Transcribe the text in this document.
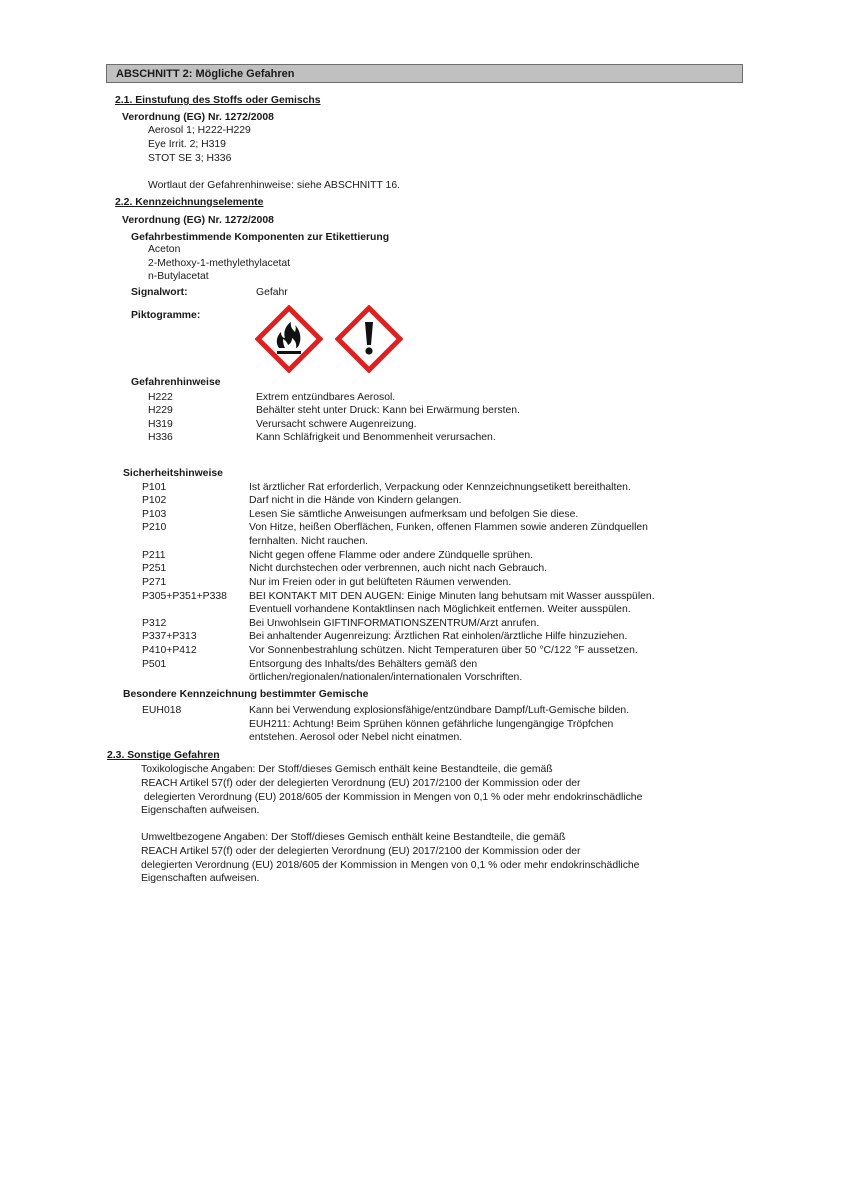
ABSCHNITT 2: Mögliche Gefahren
2.1. Einstufung des Stoffs oder Gemischs
Verordnung (EG) Nr. 1272/2008
Aerosol 1; H222-H229
Eye Irrit. 2; H319
STOT SE 3; H336
Wortlaut der Gefahrenhinweise: siehe ABSCHNITT 16.
2.2. Kennzeichnungselemente
Verordnung (EG) Nr. 1272/2008
Gefahrbestimmende Komponenten zur Etikettierung
Aceton
2-Methoxy-1-methylethylacetat
n-Butylacetat
Signalwort:	Gefahr
Piktogramme:
Gefahrenhinweise
H222	Extrem entzündbares Aerosol.
H229	Behälter steht unter Druck: Kann bei Erwärmung bersten.
H319	Verursacht schwere Augenreizung.
H336	Kann Schläfrigkeit und Benommenheit verursachen.
Sicherheitshinweise
P101	Ist ärztlicher Rat erforderlich, Verpackung oder Kennzeichnungsetikett bereithalten.
P102	Darf nicht in die Hände von Kindern gelangen.
P103	Lesen Sie sämtliche Anweisungen aufmerksam und befolgen Sie diese.
P210	Von Hitze, heißen Oberflächen, Funken, offenen Flammen sowie anderen Zündquellen
fernhalten. Nicht rauchen.
P211	Nicht gegen offene Flamme oder andere Zündquelle sprühen.
P251	Nicht durchstechen oder verbrennen, auch nicht nach Gebrauch.
P271	Nur im Freien oder in gut belüfteten Räumen verwenden.
P305+P351+P338 BEI KONTAKT MIT DEN AUGEN: Einige Minuten lang behutsam mit Wasser ausspülen.
Eventuell vorhandene Kontaktlinsen nach Möglichkeit entfernen. Weiter ausspülen.
P312	Bei Unwohlsein GIFTINFORMATIONSZENTRUM/Arzt anrufen.
P337+P313	Bei anhaltender Augenreizung: Ärztlichen Rat einholen/ärztliche Hilfe hinzuziehen.
P410+P412	Vor Sonnenbestrahlung schützen. Nicht Temperaturen über 50 °C/122 °F aussetzen.
P501	Entsorgung des Inhalts/des Behälters gemäß den
örtlichen/regionalen/nationalen/internationalen Vorschriften.
Besondere Kennzeichnung bestimmter Gemische
EUH018	Kann bei Verwendung explosionsfähige/entzündbare Dampf/Luft-Gemische bilden.
EUH211: Achtung! Beim Sprühen können gefährliche lungengängige Tröpfchen
entstehen. Aerosol oder Nebel nicht einatmen.
2.3. Sonstige Gefahren
Toxikologische Angaben: Der Stoff/dieses Gemisch enthält keine Bestandteile, die gemäß
REACH Artikel 57(f) oder der delegierten Verordnung (EU) 2017/2100 der Kommission oder der
delegierten Verordnung (EU) 2018/605 der Kommission in Mengen von 0,1 % oder mehr endokrinschädliche
Eigenschaften aufweisen.
Umweltbezogene Angaben: Der Stoff/dieses Gemisch enthält keine Bestandteile, die gemäß
REACH Artikel 57(f) oder der delegierten Verordnung (EU) 2017/2100 der Kommission oder der
delegierten Verordnung (EU) 2018/605 der Kommission in Mengen von 0,1 % oder mehr endokrinschädliche
Eigenschaften aufweisen.
